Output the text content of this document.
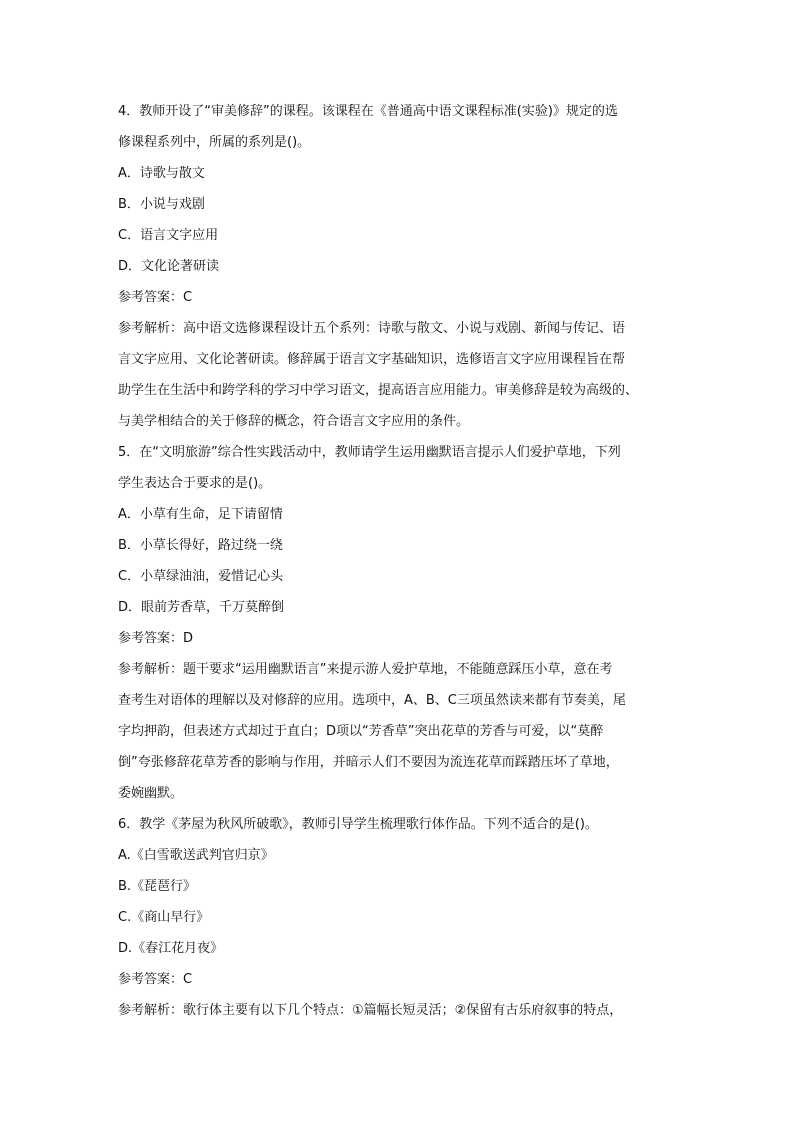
4．教师开设了“审美修辞”的课程。该课程在《普通高中语文课程标准(实验)》规定的选
修课程系列中，所属的系列是()。
A．诗歌与散文
B．小说与戏剧
C．语言文字应用
D．文化论著研读
参考答案：C
参考解析：高中语文选修课程设计五个系列：诗歌与散文、小说与戏剧、新闻与传记、语
言文字应用、文化论著研读。修辞属于语言文字基础知识，选修语言文字应用课程旨在帮
助学生在生活中和跨学科的学习中学习语文，提高语言应用能力。审美修辞是较为高级的、
与美学相结合的关于修辞的概念，符合语言文字应用的条件。
5．在“文明旅游”综合性实践活动中，教师请学生运用幽默语言提示人们爱护草地，下列
学生表达合于要求的是()。
A．小草有生命，足下请留情
B．小草长得好，路过绕一绕
C．小草绿油油，爱惜记心头
D．眼前芳香草，千万莫醉倒
参考答案：D
参考解析：题干要求“运用幽默语言”来提示游人爱护草地，不能随意踩压小草，意在考
查考生对语体的理解以及对修辞的应用。选项中，A、B、C三项虽然读来都有节奏美，尾
字均押韵，但表述方式却过于直白；D项以“芳香草”突出花草的芳香与可爱，以“莫醉
倒”夸张修辞花草芳香的影响与作用，并暗示人们不要因为流连花草而踩踏压坏了草地，
委婉幽默。
6．教学《茅屋为秋风所破歌》，教师引导学生梳理歌行体作品。下列不适合的是()。
A.《白雪歌送武判官归京》
B.《琵琶行》
C.《商山早行》
D.《春江花月夜》
参考答案：C
参考解析：歌行体主要有以下几个特点：①篇幅长短灵活；②保留有古乐府叙事的特点，
